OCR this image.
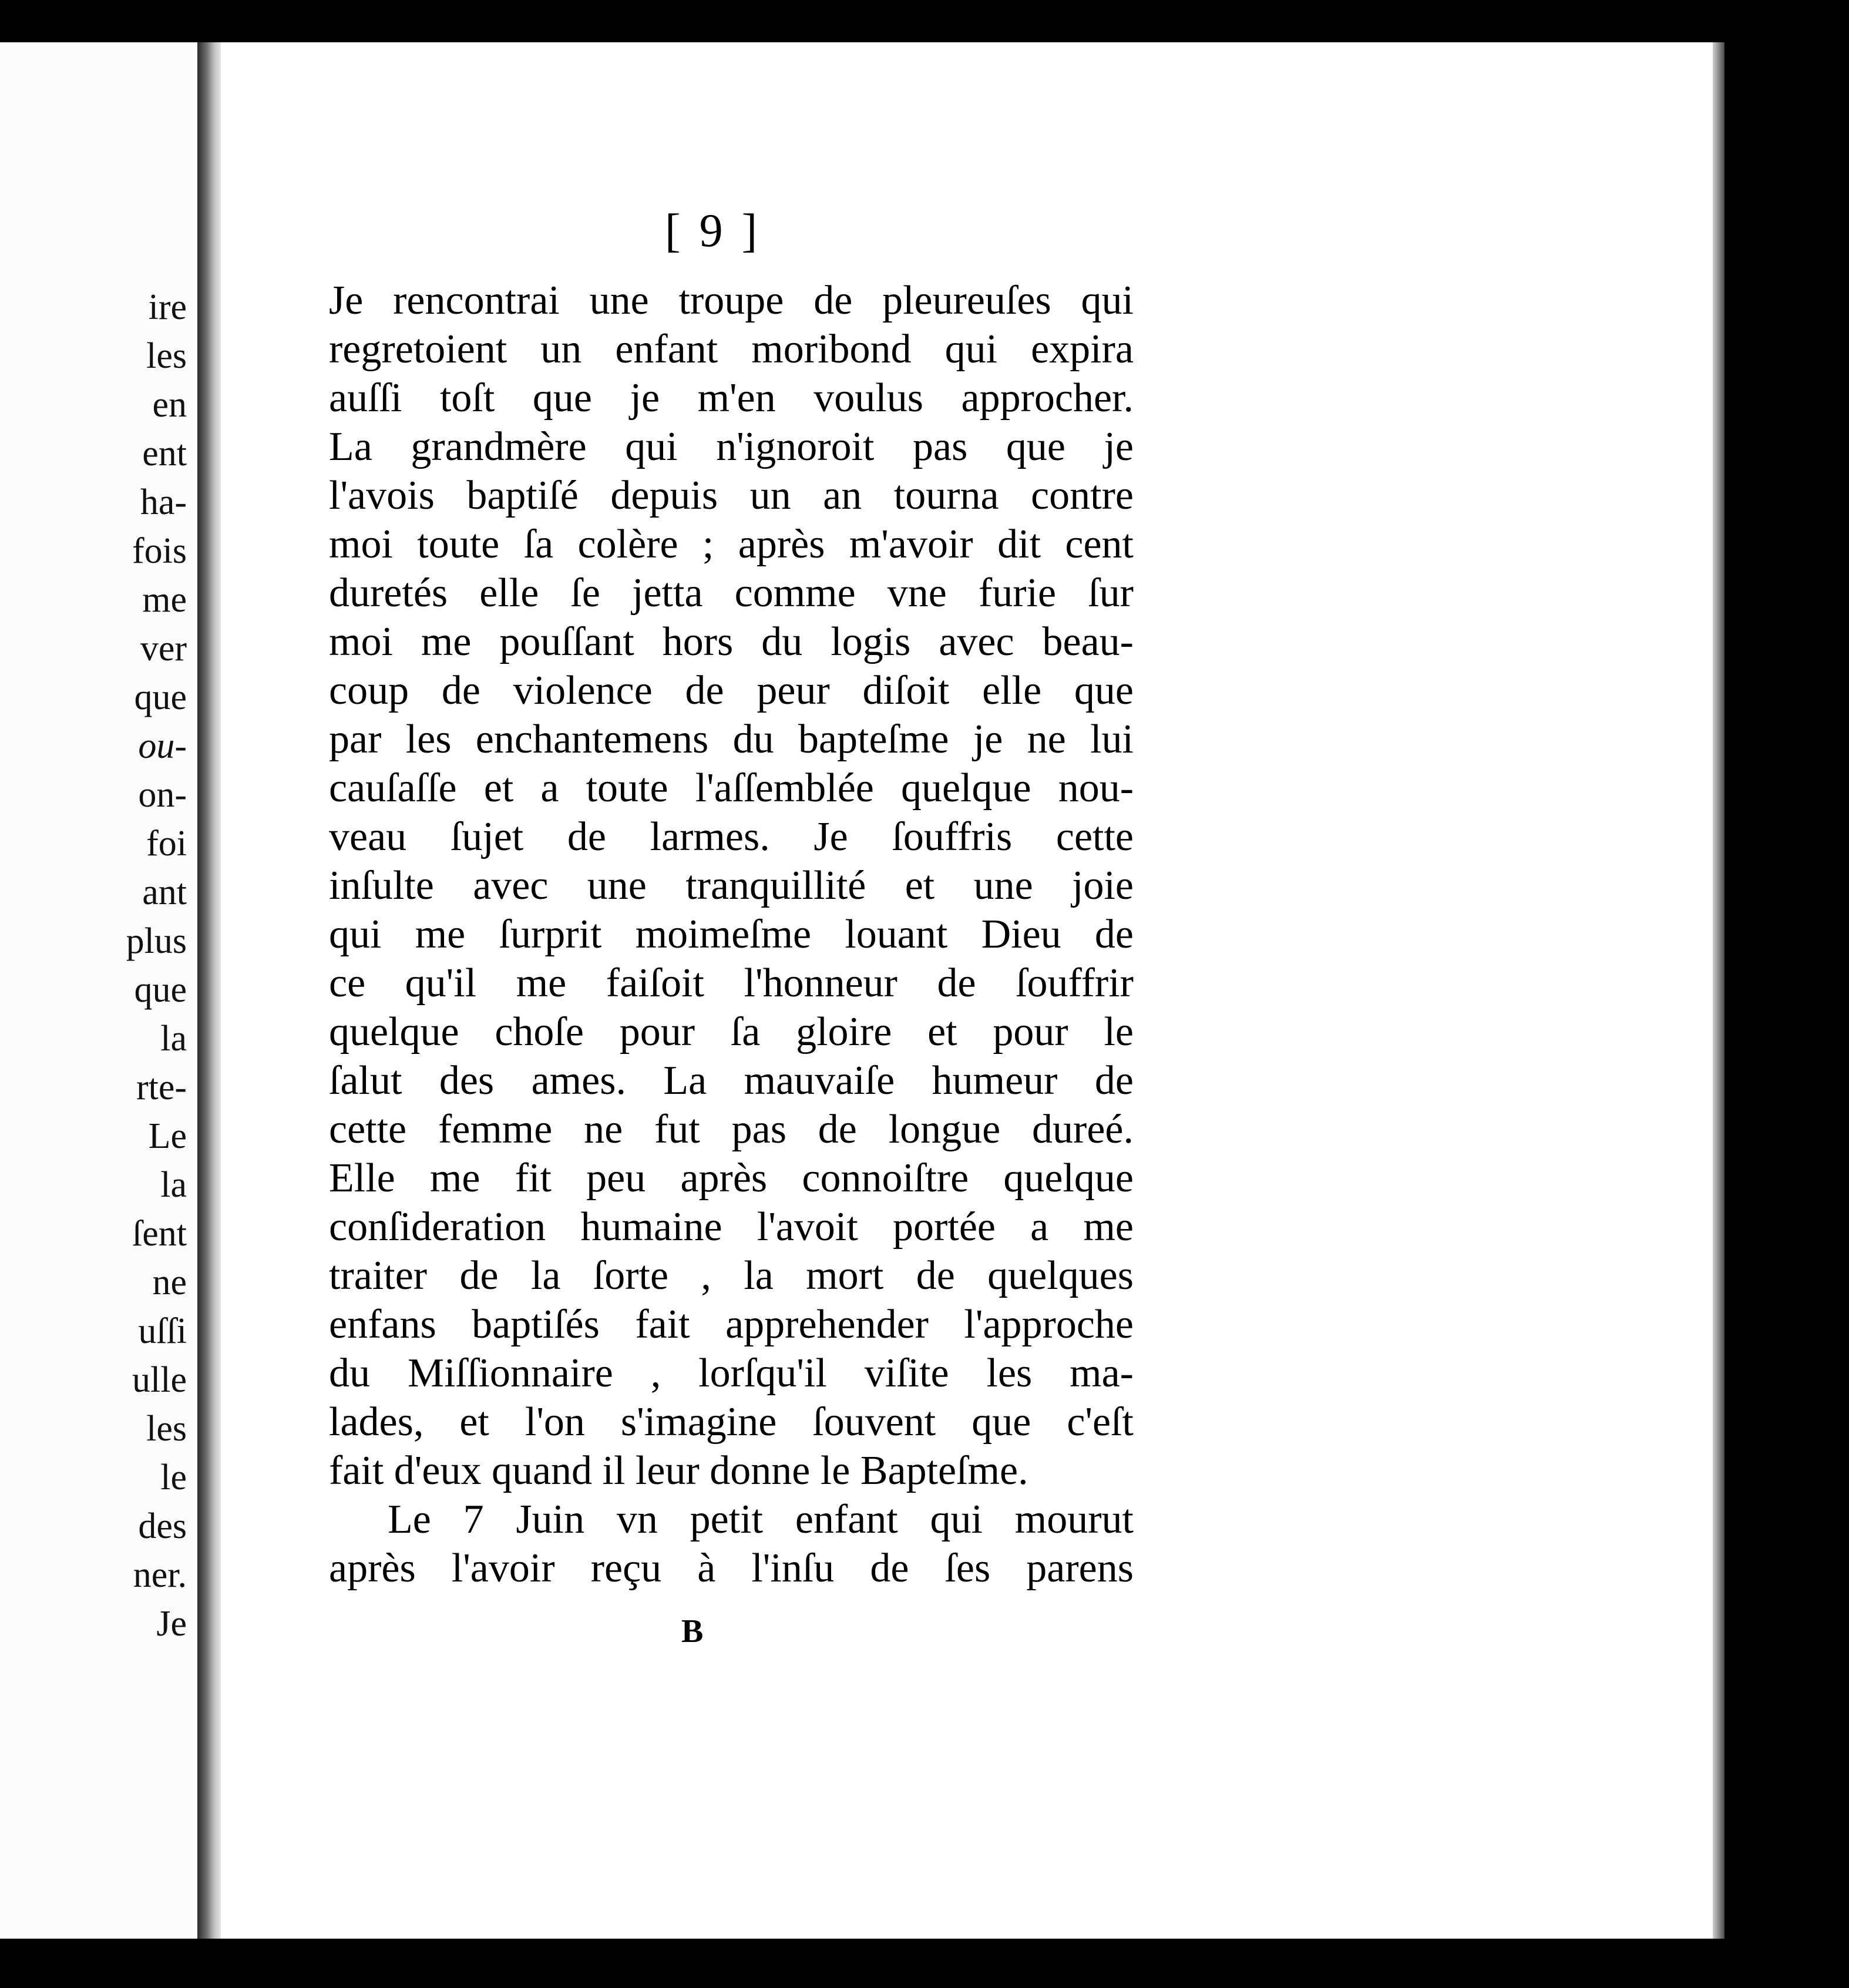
ire
les
en
ent
ha-
fois
me
ver
que
ou-
on-
foi
ant
plus
que
la
rte-
Le
la
ſent
ne
uſſi
ulle
les
le
des
ner.
Je
[ 9 ]
Je rencontrai une troupe de pleureuſes qui
regretoient un enfant moribond qui expira
auſſi toſt que je m'en voulus approcher.
La grandmère qui n'ignoroit pas que je
l'avois baptiſé depuis un an tourna contre
moi toute ſa colère ; après m'avoir dit cent
duretés elle ſe jetta comme vne furie ſur
moi me pouſſant hors du logis avec beau-
coup de violence de peur diſoit elle que
par les enchantemens du bapteſme je ne lui
cauſaſſe et a toute l'aſſemblée quelque nou-
veau ſujet de larmes. Je ſouffris cette
inſulte avec une tranquillité et une joie
qui me ſurprit moimeſme louant Dieu de
ce qu'il me faiſoit l'honneur de ſouffrir
quelque choſe pour ſa gloire et pour le
ſalut des ames. La mauvaiſe humeur de
cette femme ne fut pas de longue dureé.
Elle me fit peu après connoiſtre quelque
conſideration humaine l'avoit portée a me
traiter de la ſorte , la mort de quelques
enfans baptiſés fait apprehender l'approche
du Miſſionnaire , lorſqu'il viſite les ma-
lades, et l'on s'imagine ſouvent que c'eſt
fait d'eux quand il leur donne le Bapteſme.
Le 7 Juin vn petit enfant qui mourut
après l'avoir reçu à l'inſu de ſes parens
B
